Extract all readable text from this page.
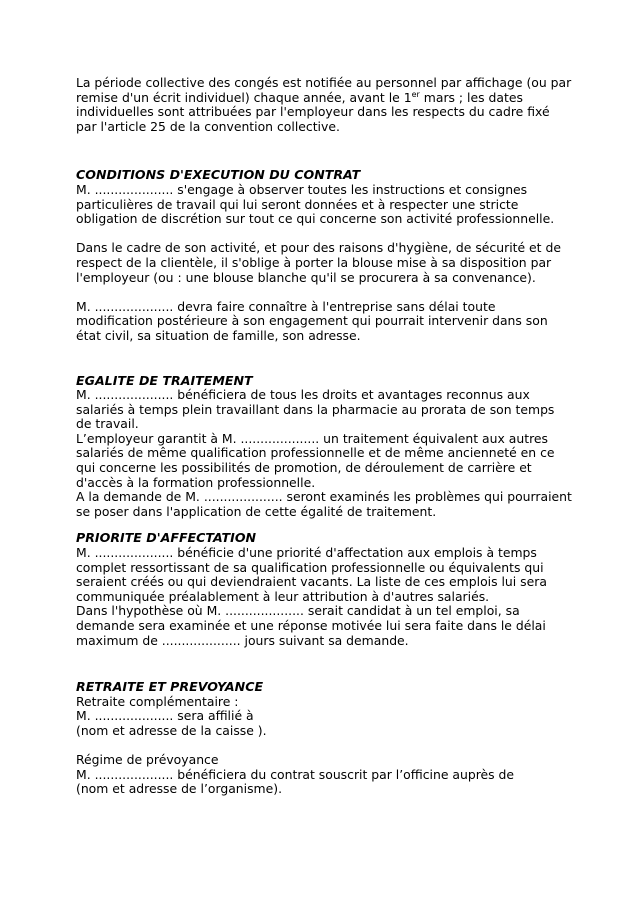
La période collective des congés est notifiée au personnel par affichage (ou par remise d'un écrit individuel) chaque année, avant le 1er mars ; les dates individuelles sont attribuées par l'employeur dans les respects du cadre fixé par l'article 25 de la convention collective.

CONDITIONS D'EXECUTION DU CONTRAT

M. .................... s'engage à observer toutes les instructions et consignes particulières de travail qui lui seront données et à respecter une stricte obligation de discrétion sur tout ce qui concerne son activité professionnelle.

Dans le cadre de son activité, et pour des raisons d'hygiène, de sécurité et de respect de la clientèle, il s'oblige à porter la blouse mise à sa disposition par l'employeur (ou : une blouse blanche qu'il se procurera à sa convenance).

M. .................... devra faire connaître à l'entreprise sans délai toute modification postérieure à son engagement qui pourrait intervenir dans son état civil, sa situation de famille, son adresse.

EGALITE DE TRAITEMENT

M. .................... bénéficiera de tous les droits et avantages reconnus aux salariés à temps plein travaillant dans la pharmacie au prorata de son temps de travail.

L’employeur garantit à M. .................... un traitement équivalent aux autres salariés de même qualification professionnelle et de même ancienneté en ce qui concerne les possibilités de promotion, de déroulement de carrière et d'accès à la formation professionnelle.

A la demande de M. .................... seront examinés les problèmes qui pourraient se poser dans l'application de cette égalité de traitement.

PRIORITE D'AFFECTATION

M. .................... bénéficie d'une priorité d'affectation aux emplois à temps complet ressortissant de sa qualification professionnelle ou équivalents qui seraient créés ou qui deviendraient vacants. La liste de ces emplois lui sera communiquée préalablement à leur attribution à d'autres salariés.

Dans l'hypothèse où M. .................... serait candidat à un tel emploi, sa demande sera examinée et une réponse motivée lui sera faite dans le délai maximum de .................... jours suivant sa demande.

RETRAITE ET PREVOYANCE

Retraite complémentaire :

M. .................... sera affilié à

(nom et adresse de la caisse ).

Régime de prévoyance

M. .................... bénéficiera du contrat souscrit par l’officine auprès de

(nom et adresse de l’organisme).
